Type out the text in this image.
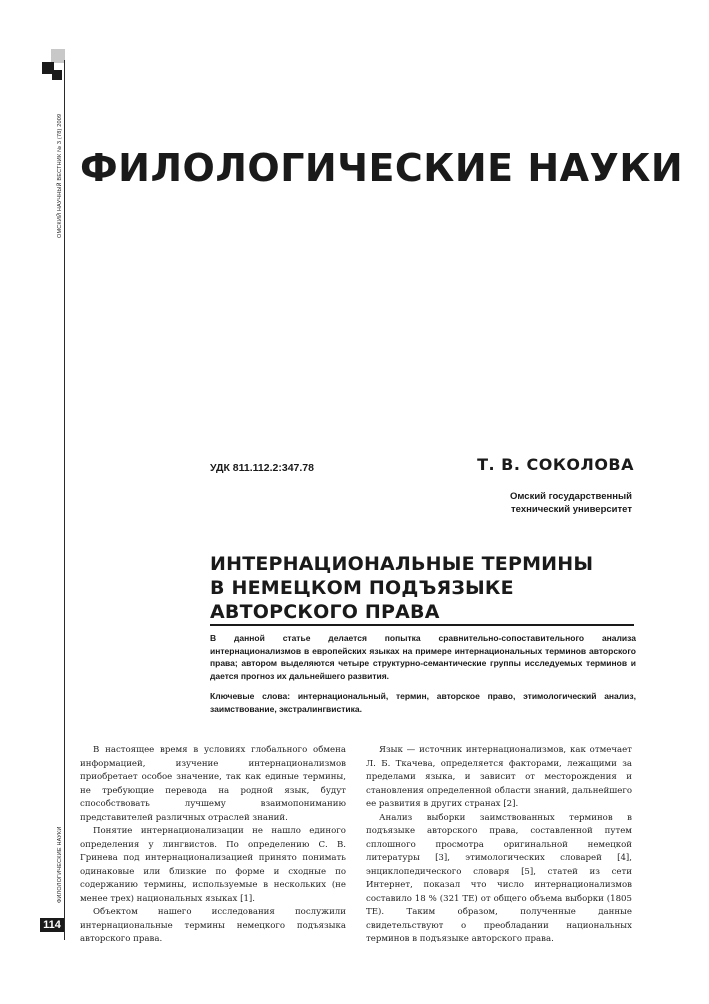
ОМСКИЙ НАУЧНЫЙ ВЕСТНИК № 3 (78) 2009
ФИЛОЛОГИЧЕСКИЕ НАУКИ
114
ФИЛОЛОГИЧЕСКИЕ НАУКИ
УДК 811.112.2:347.78	Т. В. СОКОЛОВА
Омский государственный
технический университет
ИНТЕРНАЦИОНАЛЬНЫЕ ТЕРМИНЫ
В НЕМЕЦКОМ ПОДЪЯЗЫКЕ
АВТОРСКОГО ПРАВА
В данной статье делается попытка сравнительно-сопоставительного анализа интернационализмов в европейских языках на примере интернациональных терминов авторского права; автором выделяются четыре структурно-семантические группы исследуемых терминов и дается прогноз их дальнейшего развития.
Ключевые слова: интернациональный, термин, авторское право, этимологический анализ, заимствование, экстралингвистика.

В настоящее время в условиях глобального обмена информацией, изучение интернационализмов приобретает особое значение, так как единые термины, не требующие перевода на родной язык, будут способствовать лучшему взаимопониманию представителей различных отраслей знаний.

Понятие интернационализации не нашло единого определения у лингвистов. По определению С. В. Гринева под интернационализацией принято понимать одинаковые или близкие по форме и сходные по содержанию термины, используемые в нескольких (не менее трех) национальных языках [1].

Объектом нашего исследования послужили интернациональные термины немецкого подъязыка авторского права.

Язык — источник интернационализмов, как отмечает Л. Б. Ткачева, определяется факторами, лежащими за пределами языка, и зависит от месторождения и становления определенной области знаний, дальнейшего ее развития в других странах [2].

Анализ выборки заимствованных терминов в подъязыке авторского права, составленной путем сплошного просмотра оригинальной немецкой литературы [3], этимологических словарей [4], энциклопедического словаря [5], статей из сети Интернет, показал что число интернационализмов составило 18 % (321 ТЕ) от общего объема выборки (1805 ТЕ). Таким образом, полученные данные свидетельствуют о преобладании национальных терминов в подъязыке авторского права.
